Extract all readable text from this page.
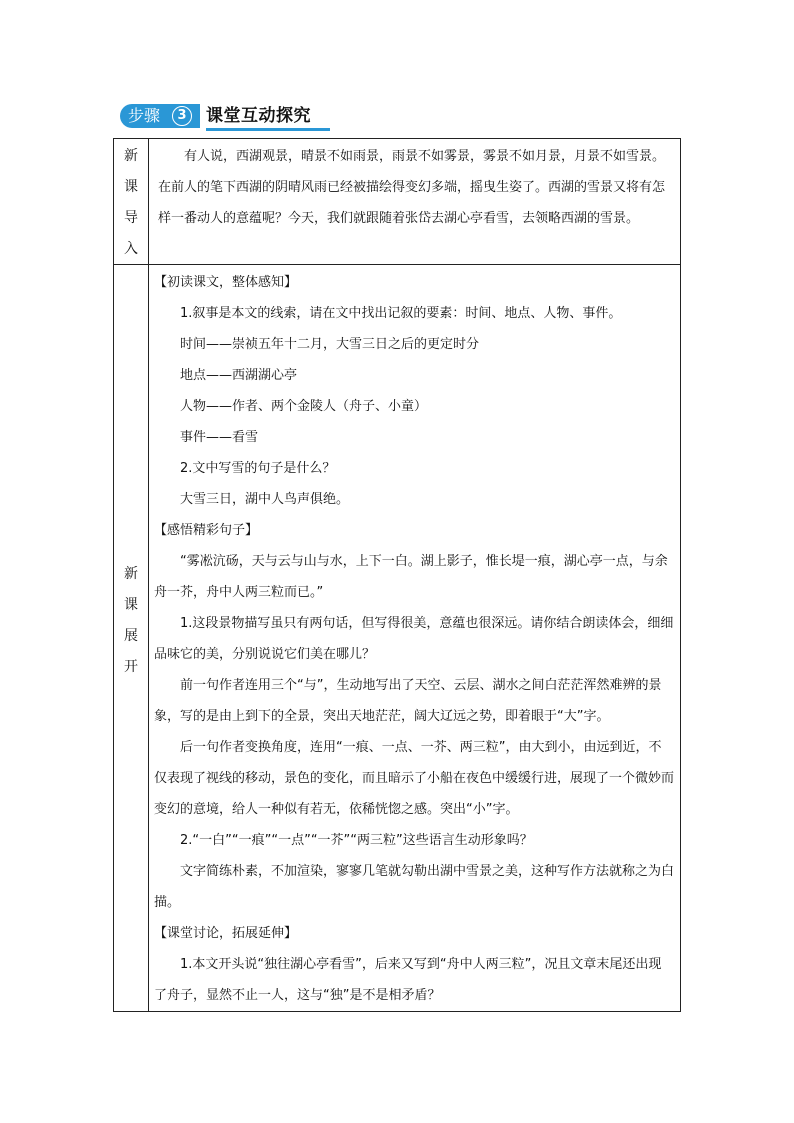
步骤	3	课堂互动探究
新
课
导
入

有人说，西湖观景，晴景不如雨景，雨景不如雾景，雾景不如月景，月景不如雪景。在前人的笔下西湖的阴晴风雨已经被描绘得变幻多端，摇曳生姿了。西湖的雪景又将有怎样一番动人的意蕴呢？今天，我们就跟随着张岱去湖心亭看雪，去领略西湖的雪景。

新
课
展
开

【初读课文，整体感知】

1.叙事是本文的线索，请在文中找出记叙的要素：时间、地点、人物、事件。

时间——崇祯五年十二月，大雪三日之后的更定时分

地点——西湖湖心亭

人物——作者、两个金陵人（舟子、小童）

事件——看雪

2.文中写雪的句子是什么？

大雪三日，湖中人鸟声俱绝。

【感悟精彩句子】

“雾凇沆砀，天与云与山与水，上下一白。湖上影子，惟长堤一痕，湖心亭一点，与余舟一芥，舟中人两三粒而已。”

1.这段景物描写虽只有两句话，但写得很美，意蕴也很深远。请你结合朗读体会，细细品味它的美，分别说说它们美在哪儿？

前一句作者连用三个“与”，生动地写出了天空、云层、湖水之间白茫茫浑然难辨的景象，写的是由上到下的全景，突出天地茫茫，阔大辽远之势，即着眼于“大”字。

后一句作者变换角度，连用“一痕、一点、一芥、两三粒”，由大到小，由远到近，不仅表现了视线的移动，景色的变化，而且暗示了小船在夜色中缓缓行进，展现了一个微妙而变幻的意境，给人一种似有若无，依稀恍惚之感。突出“小”字。

2.“一白”“一痕”“一点”“一芥”“两三粒”这些语言生动形象吗？

文字简练朴素，不加渲染，寥寥几笔就勾勒出湖中雪景之美，这种写作方法就称之为白描。

【课堂讨论，拓展延伸】

1.本文开头说“独往湖心亭看雪”，后来又写到“舟中人两三粒”，况且文章末尾还出现了舟子，显然不止一人，这与“独”是不是相矛盾？
